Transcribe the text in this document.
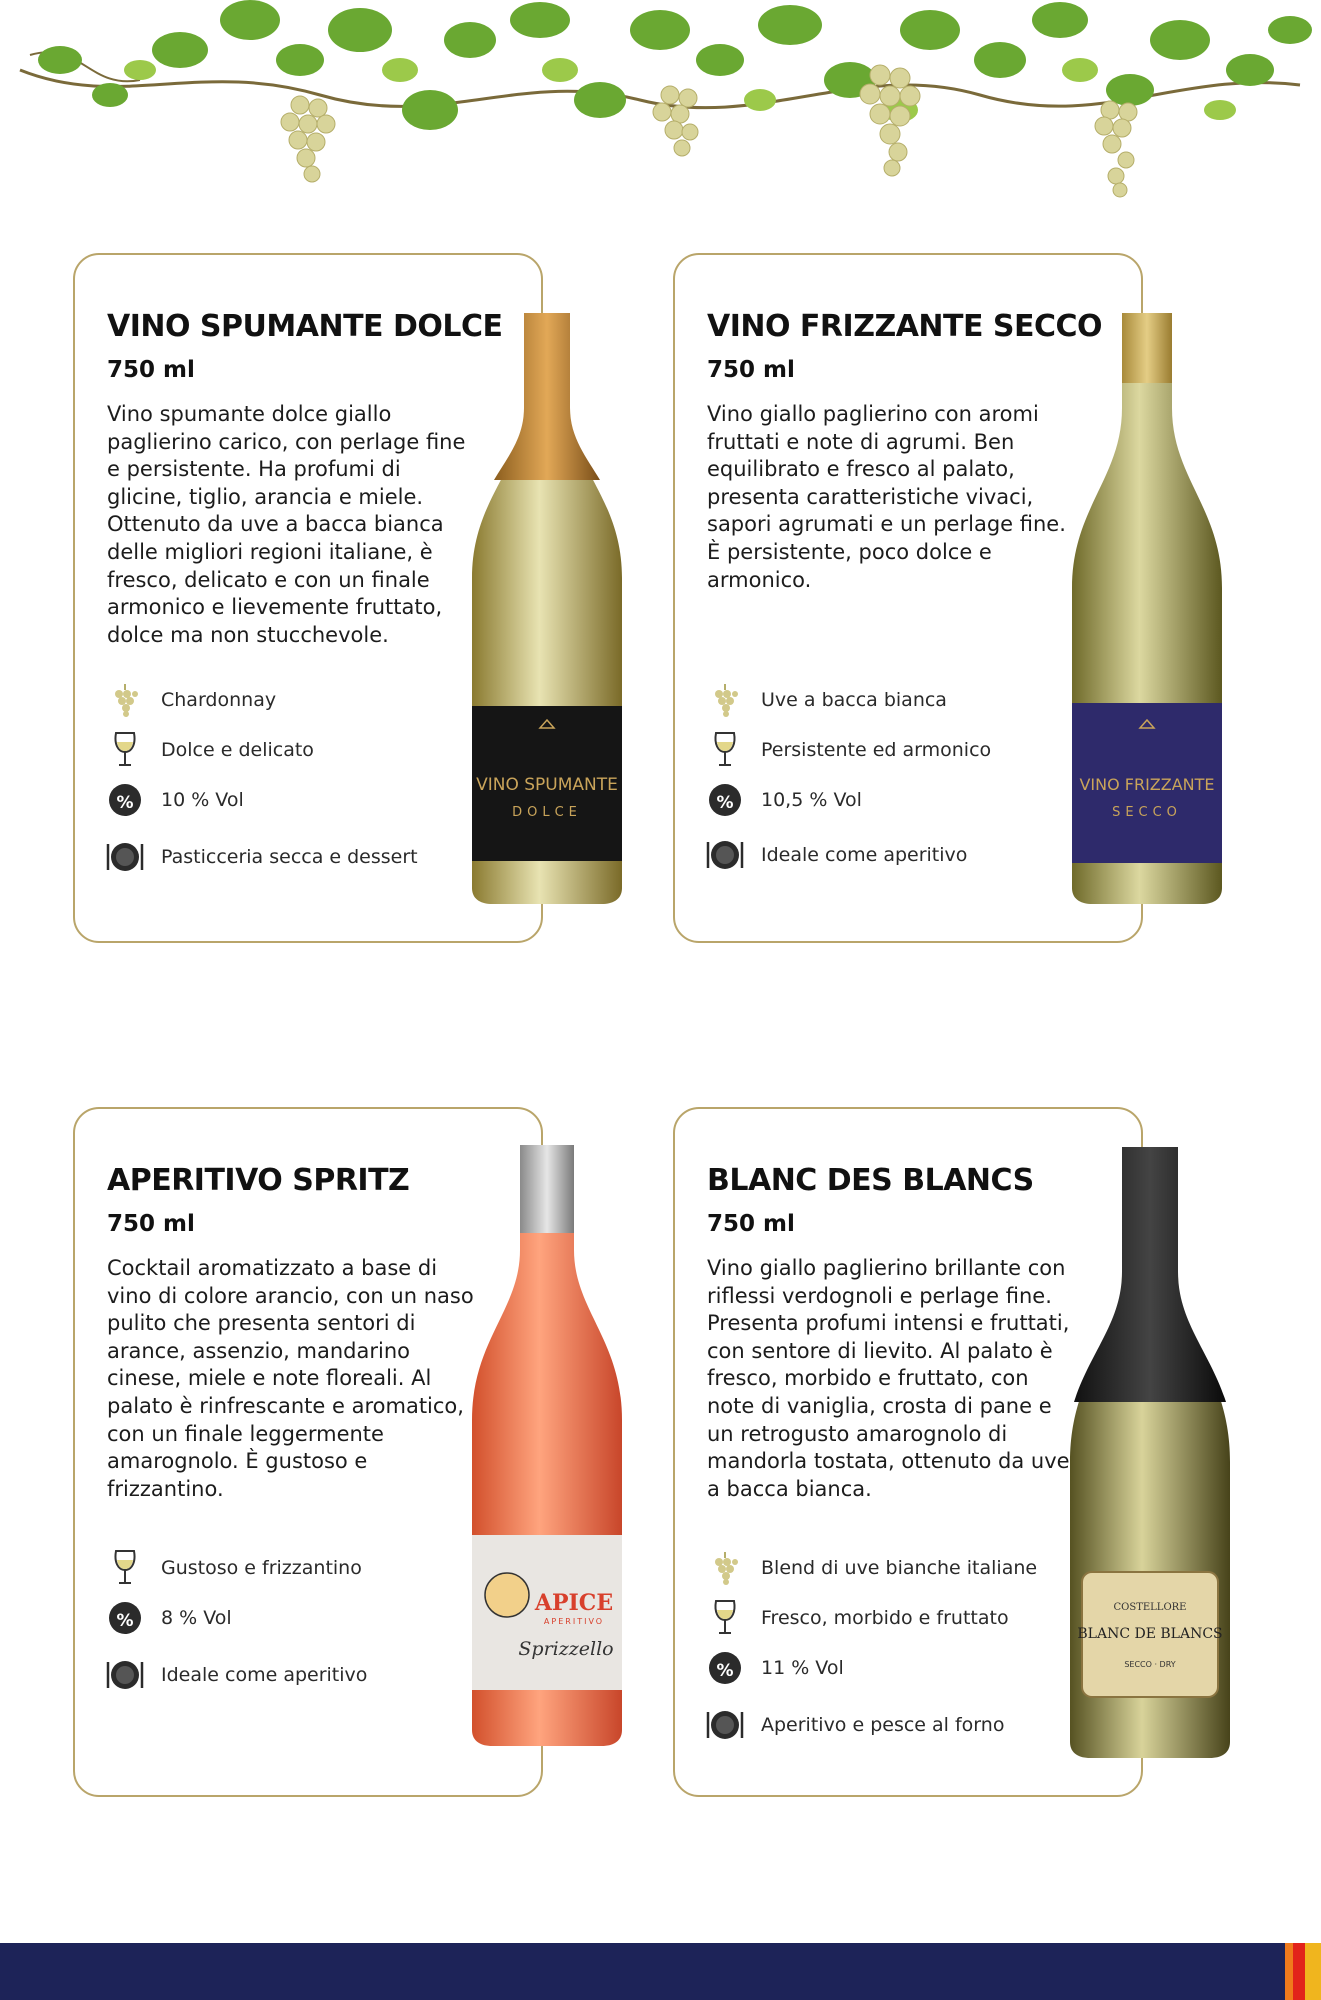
VINO SPUMANTE DOLCE

750 ml

Vino spumante dolce giallo paglierino carico, con perlage fine e persistente. Ha profumi di glicine, tiglio, arancia e miele. Ottenuto da uve a bacca bianca delle migliori regioni italiane, è fresco, delicato e con un finale armonico e lievemente fruttato, dolce ma non stucchevole.

Chardonnay
Dolce e delicato
% 10 % Vol
Pasticceria secca e dessert
VINO SPUMANTE
DOLCE
VINO FRIZZANTE SECCO

750 ml

Vino giallo paglierino con aromi fruttati e note di agrumi. Ben equilibrato e fresco al palato, presenta caratteristiche vivaci, sapori agrumati e un perlage fine. È persistente, poco dolce e armonico.

Uve a bacca bianca
Persistente ed armonico
% 10,5 % Vol
Ideale come aperitivo
VINO FRIZZANTE
SECCO
APERITIVO SPRITZ

750 ml

Cocktail aromatizzato a base di vino di colore arancio, con un naso pulito che presenta sentori di arance, assenzio, mandarino cinese, miele e note floreali. Al palato è rinfrescante e aromatico, con un finale leggermente amarognolo. È gustoso e frizzantino.

Gustoso e frizzantino
% 8 % Vol
Ideale come aperitivo
APICE
APERITIVO
Sprizzello
BLANC DES BLANCS

750 ml

Vino giallo paglierino brillante con riflessi verdognoli e perlage fine. Presenta profumi intensi e fruttati, con sentore di lievito. Al palato è fresco, morbido e fruttato, con note di vaniglia, crosta di pane e un retrogusto amarognolo di mandorla tostata, ottenuto da uve a bacca bianca.

Blend di uve bianche italiane
Fresco, morbido e fruttato
% 11 % Vol
Aperitivo e pesce al forno
COSTELLORE
BLANC DE BLANCS
SECCO · DRY
